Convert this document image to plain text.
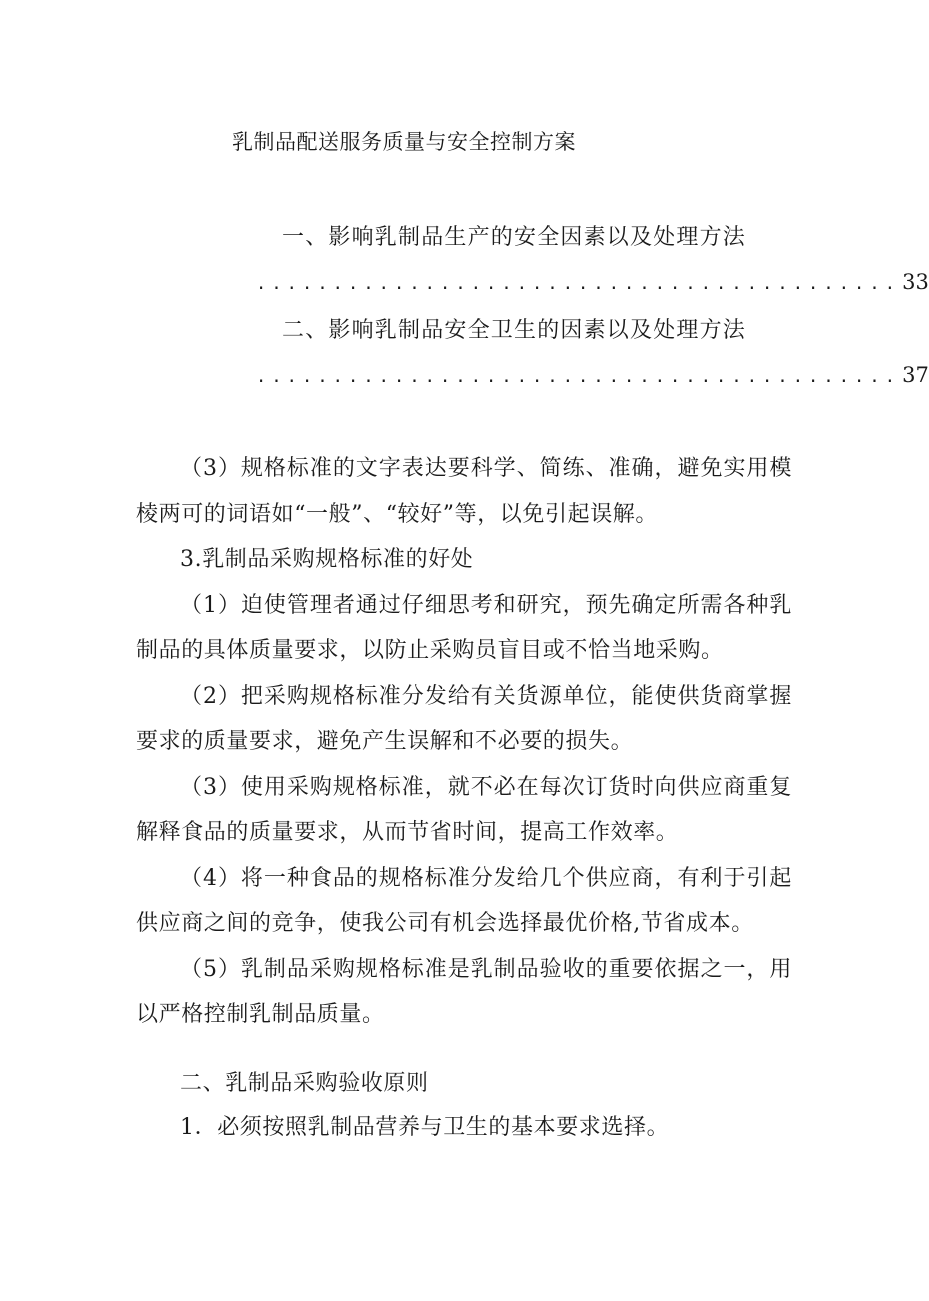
乳制品配送服务质量与安全控制方案
一、影响乳制品生产的安全因素以及处理方法
.......................................... 33
二、影响乳制品安全卫生的因素以及处理方法
.......................................... 37

（3）规格标准的文字表达要科学、简练、准确，避免实用模棱两可的词语如“一般”、“较好”等，以免引起误解。

3.乳制品采购规格标准的好处

（1）迫使管理者通过仔细思考和研究，预先确定所需各种乳制品的具体质量要求，以防止采购员盲目或不恰当地采购。

（2）把采购规格标准分发给有关货源单位，能使供货商掌握要求的质量要求，避免产生误解和不必要的损失。

（3）使用采购规格标准，就不必在每次订货时向供应商重复解释食品的质量要求，从而节省时间，提高工作效率。

（4）将一种食品的规格标准分发给几个供应商，有利于引起供应商之间的竞争，使我公司有机会选择最优价格,节省成本。

（5）乳制品采购规格标准是乳制品验收的重要依据之一，用以严格控制乳制品质量。

二、乳制品采购验收原则
1．必须按照乳制品营养与卫生的基本要求选择。
